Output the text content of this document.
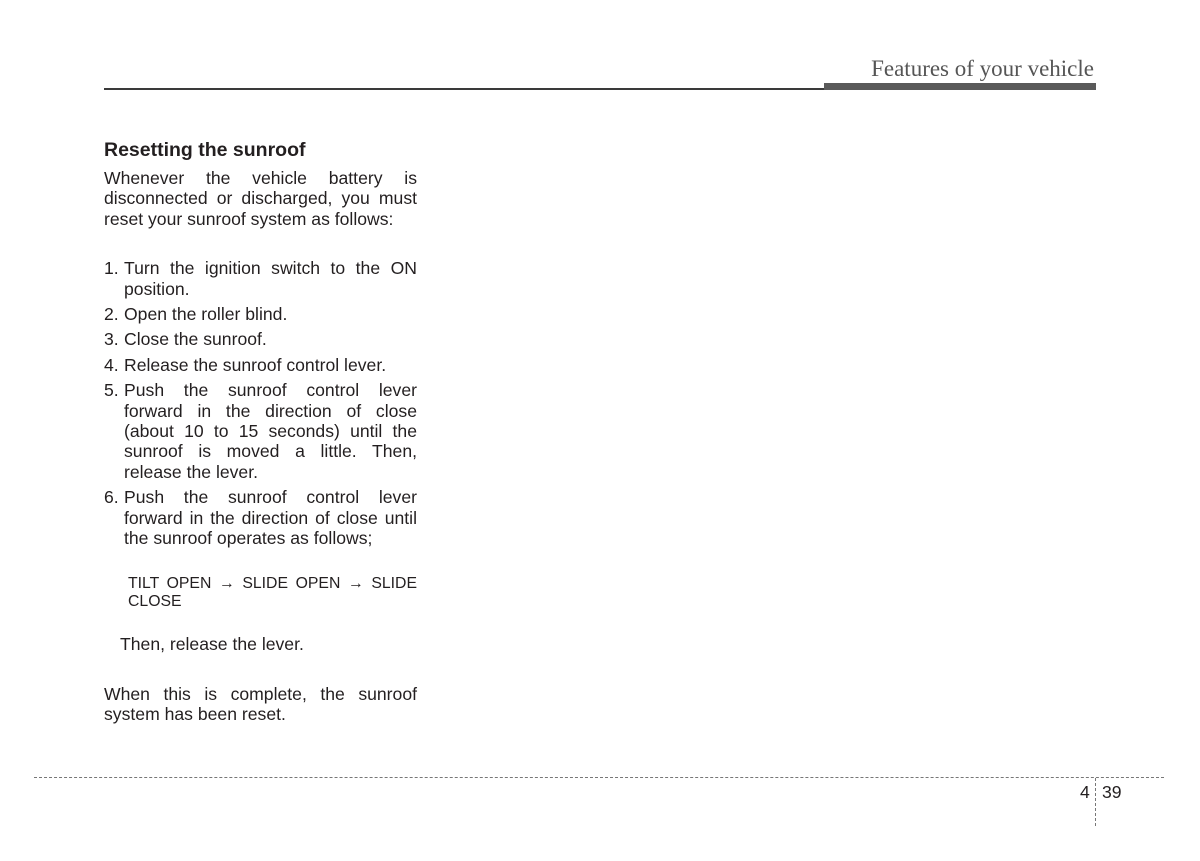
Features of your vehicle
Resetting the sunroof

Whenever the vehicle battery is disconnected or discharged, you must reset your sunroof system as follows:

1. Turn the ignition switch to the ON position.
2. Open the roller blind.
3. Close the sunroof.
4. Release the sunroof control lever.
5. Push the sunroof control lever forward in the direction of close (about 10 to 15 seconds) until the sunroof is moved a little. Then, release the lever.
6. Push the sunroof control lever forward in the direction of close until the sunroof operates as follows;
TILT OPEN → SLIDE OPEN → SLIDE CLOSE

Then, release the lever.

When this is complete, the sunroof system has been reset.

4 39
